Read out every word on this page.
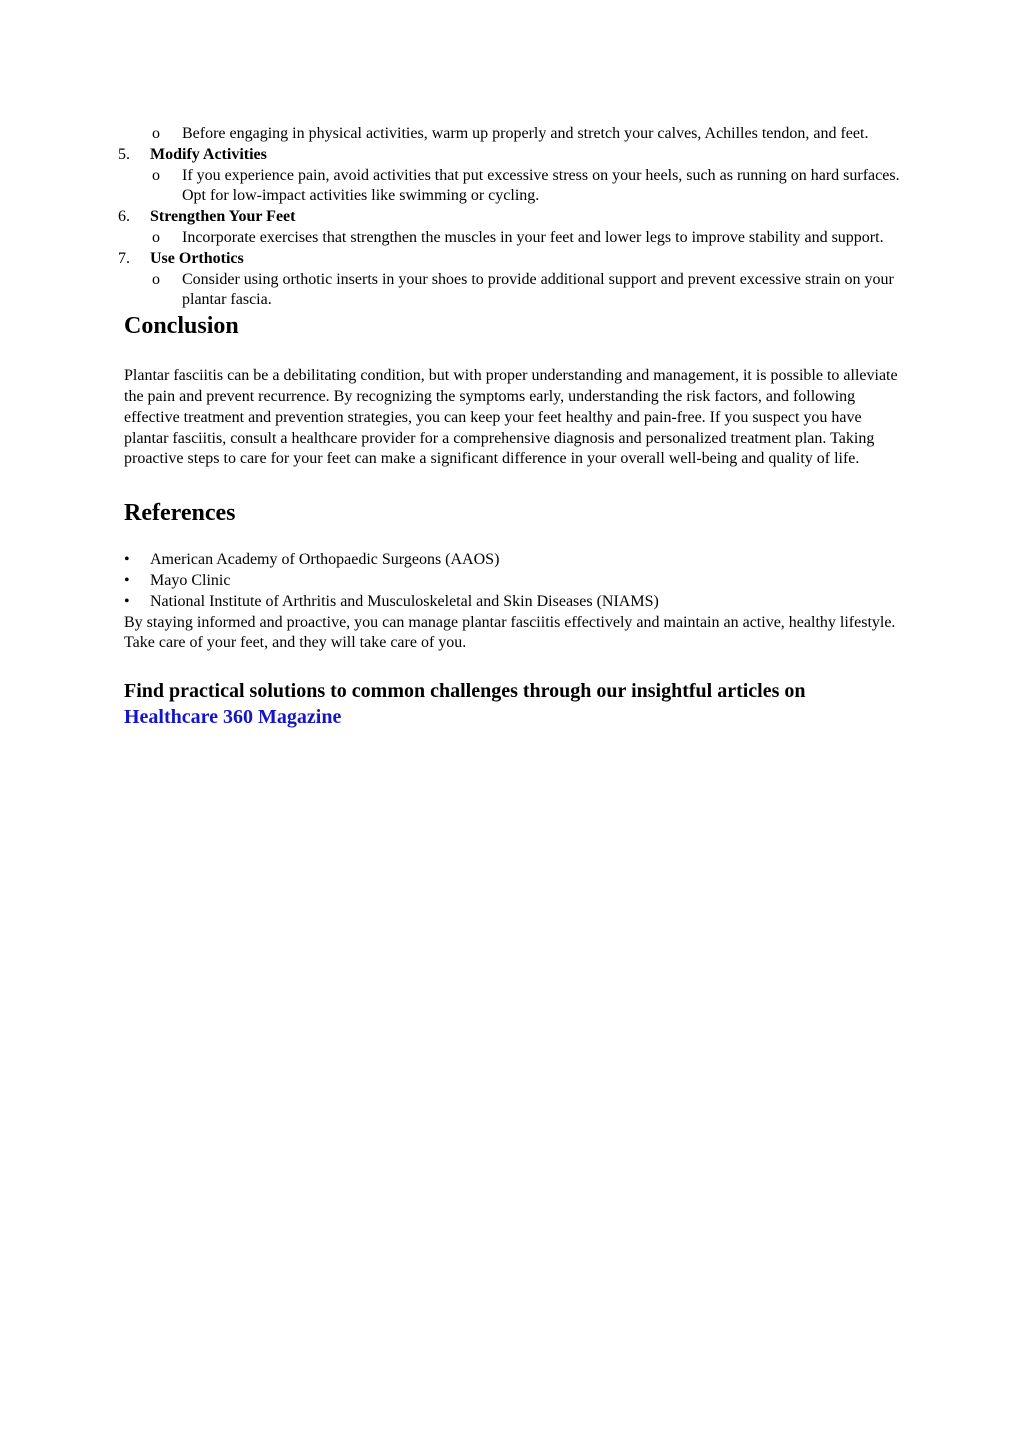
o Before engaging in physical activities, warm up properly and stretch your calves, Achilles tendon, and feet.
5. Modify Activities
o If you experience pain, avoid activities that put excessive stress on your heels, such as running on hard surfaces. Opt for low-impact activities like swimming or cycling.
6. Strengthen Your Feet
o Incorporate exercises that strengthen the muscles in your feet and lower legs to improve stability and support.
7. Use Orthotics
o Consider using orthotic inserts in your shoes to provide additional support and prevent excessive strain on your plantar fascia.
Conclusion

Plantar fasciitis can be a debilitating condition, but with proper understanding and management, it is possible to alleviate the pain and prevent recurrence. By recognizing the symptoms early, understanding the risk factors, and following effective treatment and prevention strategies, you can keep your feet healthy and pain-free. If you suspect you have plantar fasciitis, consult a healthcare provider for a comprehensive diagnosis and personalized treatment plan. Taking proactive steps to care for your feet can make a significant difference in your overall well-being and quality of life.

References
• American Academy of Orthopaedic Surgeons (AAOS)
• Mayo Clinic
• National Institute of Arthritis and Musculoskeletal and Skin Diseases (NIAMS)
By staying informed and proactive, you can manage plantar fasciitis effectively and maintain an active, healthy lifestyle. Take care of your feet, and they will take care of you.
Find practical solutions to common challenges through our insightful articles on Healthcare 360 Magazine
